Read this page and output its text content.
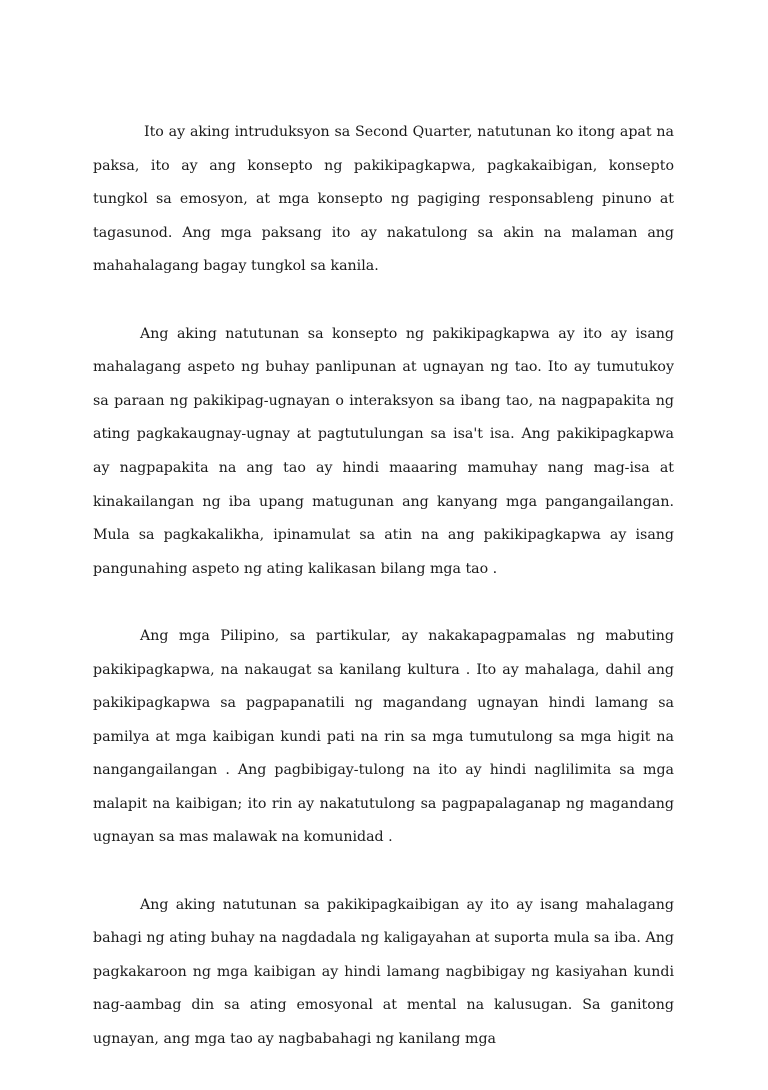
Ito ay aking intruduksyon sa Second Quarter, natutunan ko itong apat na paksa, ito ay ang konsepto ng pakikipagkapwa, pagkakaibigan, konsepto tungkol sa emosyon, at mga konsepto ng pagiging responsableng pinuno at tagasunod. Ang mga paksang ito ay nakatulong sa akin na malaman ang mahahalagang bagay tungkol sa kanila.

Ang aking natutunan sa konsepto ng pakikipagkapwa ay ito ay isang mahalagang aspeto ng buhay panlipunan at ugnayan ng tao. Ito ay tumutukoy sa paraan ng pakikipag-ugnayan o interaksyon sa ibang tao, na nagpapakita ng ating pagkakaugnay-ugnay at pagtutulungan sa isa't isa. Ang pakikipagkapwa ay nagpapakita na ang tao ay hindi maaaring mamuhay nang mag-isa at kinakailangan ng iba upang matugunan ang kanyang mga pangangailangan. Mula sa pagkakalikha, ipinamulat sa atin na ang pakikipagkapwa ay isang pangunahing aspeto ng ating kalikasan bilang mga tao .

Ang mga Pilipino, sa partikular, ay nakakapagpamalas ng mabuting pakikipagkapwa, na nakaugat sa kanilang kultura . Ito ay mahalaga, dahil ang pakikipagkapwa sa pagpapanatili ng magandang ugnayan hindi lamang sa pamilya at mga kaibigan kundi pati na rin sa mga tumutulong sa mga higit na nangangailangan . Ang pagbibigay-tulong na ito ay hindi naglilimita sa mga malapit na kaibigan; ito rin ay nakatutulong sa pagpapalaganap ng magandang ugnayan sa mas malawak na komunidad .

Ang aking natutunan sa pakikipagkaibigan ay ito ay isang mahalagang bahagi ng ating buhay na nagdadala ng kaligayahan at suporta mula sa iba. Ang pagkakaroon ng mga kaibigan ay hindi lamang nagbibigay ng kasiyahan kundi nag-aambag din sa ating emosyonal at mental na kalusugan. Sa ganitong ugnayan, ang mga tao ay nagbabahagi ng kanilang mga
